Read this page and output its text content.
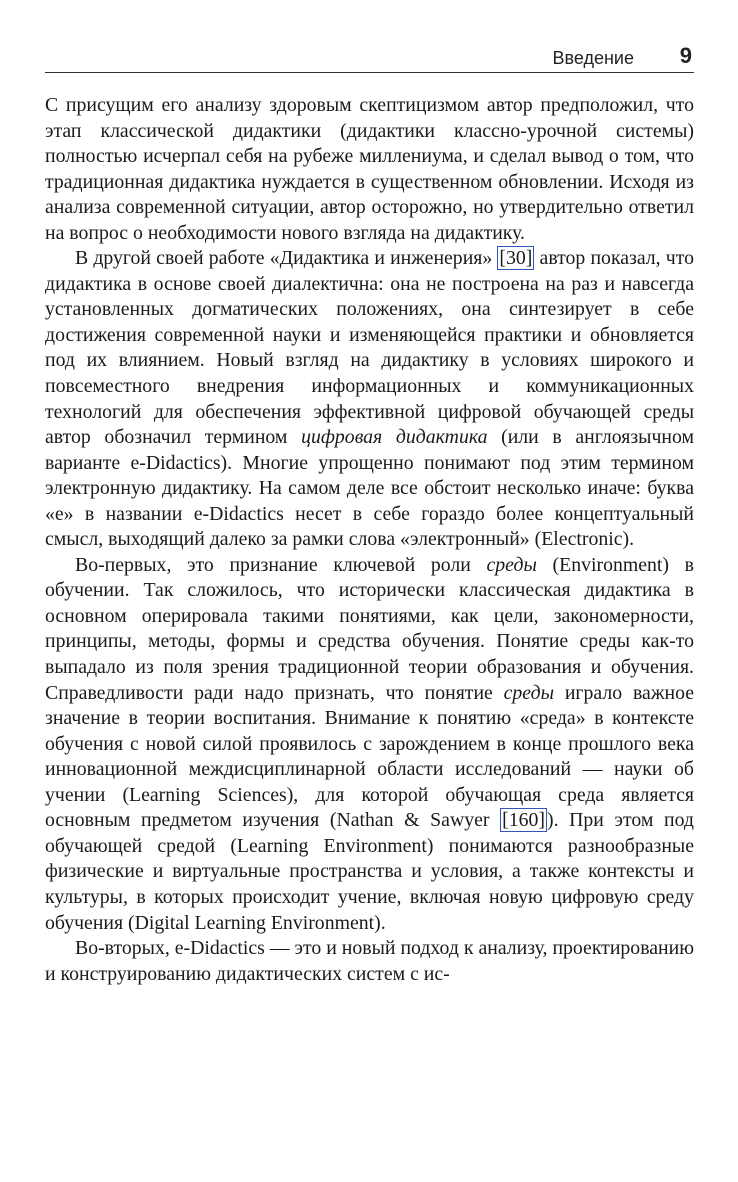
Введение 9

С присущим его анализу здоровым скептицизмом автор предположил, что этап классической дидактики (дидактики классно-урочной системы) полностью исчерпал себя на рубеже миллениума, и сделал вывод о том, что традиционная дидактика нуждается в существенном обновлении. Исходя из анализа современной ситуации, автор осторожно, но утвердительно ответил на вопрос о необходимости нового взгляда на дидактику.

В другой своей работе «Дидактика и инженерия» [30] автор показал, что дидактика в основе своей диалектична: она не построена на раз и навсегда установленных догматических положениях, она синтезирует в себе достижения современной науки и изменяющейся практики и обновляется под их влиянием. Новый взгляд на дидактику в условиях широкого и повсеместного внедрения информационных и коммуникационных технологий для обеспечения эффективной цифровой обучающей среды автор обозначил термином цифровая дидактика (или в англоязычном варианте e-Didactics). Многие упрощенно понимают под этим термином электронную дидактику. На самом деле все обстоит несколько иначе: буква «е» в названии e-Didactics несет в себе гораздо более концептуальный смысл, выходящий далеко за рамки слова «электронный» (Electronic).

Во-первых, это признание ключевой роли среды (Environment) в обучении. Так сложилось, что исторически классическая дидактика в основном оперировала такими понятиями, как цели, закономерности, принципы, методы, формы и средства обучения. Понятие среды как-то выпадало из поля зрения традиционной теории образования и обучения. Справедливости ради надо признать, что понятие среды играло важное значение в теории воспитания. Внимание к понятию «среда» в контексте обучения с новой силой проявилось с зарождением в конце прошлого века инновационной междисциплинарной области исследований — науки об учении (Learning Sciences), для которой обучающая среда является основным предметом изучения (Nathan & Sawyer [160] ). При этом под обучающей средой (Learning Environment) понимаются разнообразные физические и виртуальные пространства и условия, а также контексты и культуры, в которых происходит учение, включая новую цифровую среду обучения (Digital Learning Environment).

Во-вторых, e-Didactics — это и новый подход к анализу, проектированию и конструированию дидактических систем с ис-
